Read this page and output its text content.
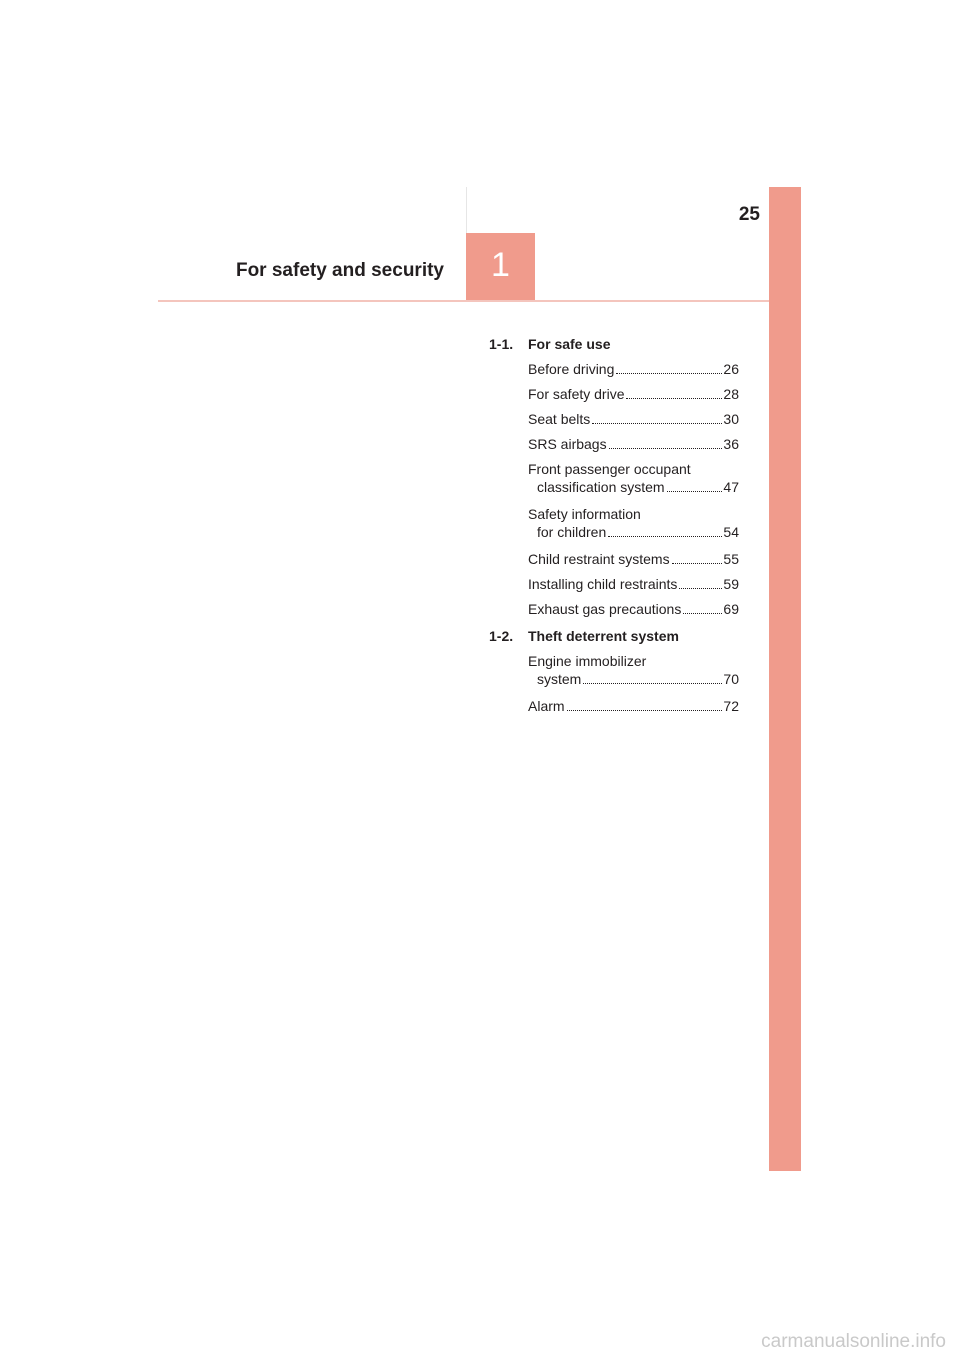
25
For safety and security	1
1-1. For safe use
Before driving	26
For safety drive	28
Seat belts	30
SRS airbags	36
Front passenger occupant
classification system	47
Safety information
for children	54
Child restraint systems	55
Installing child restraints	59
Exhaust gas precautions	69
1-2. Theft deterrent system
Engine immobilizer
system	70
Alarm	72
carmanualsonline.info
